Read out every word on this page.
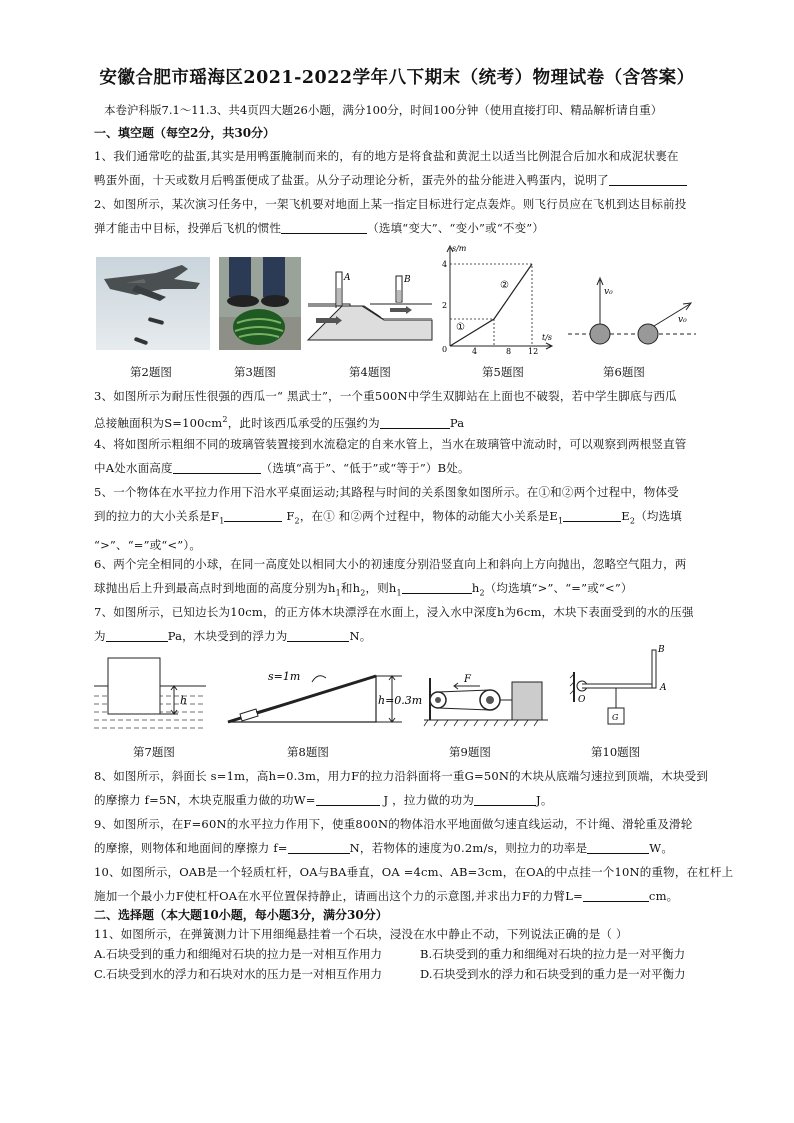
安徽合肥市瑶海区2021-2022学年八下期末（统考）物理试卷（含答案）
本卷沪科版7.1～11.3、共4页四大题26小题，满分100分，时间100分钟（使用直接打印、精品解析请自重）
一、填空题（每空2分，共30分）
1、我们通常吃的盐蛋,其实是用鸭蛋腌制而来的，有的地方是将食盐和黄泥土以适当比例混合后加水和成泥状裹在
鸭蛋外面，十天或数月后鸭蛋便成了盐蛋。从分子动理论分析，蛋壳外的盐分能进入鸭蛋内，说明了
2、如图所示，某次演习任务中，一架飞机要对地面上某一指定目标进行定点轰炸。则飞行员应在飞机到达目标前投
弹才能击中目标，投弹后飞机的惯性	（选填“变大”、“变小”或“不变”）
A	B
s/m
t/s
4
2
0	4	8 12
①
②
v₀
v₀
第2题图	第3题图	第4题图	第5题图	第6题图
3、如图所示为耐压性很强的西瓜一“ 黑武士”，一个重500N中学生双脚站在上面也不破裂，若中学生脚底与西瓜
总接触面积为$S=100cm^2$，此时该西瓜承受的压强约为	Pa
4、将如图所示粗细不同的玻璃管装置接到水流稳定的自来水管上，当水在玻璃管中流动时，可以观察到两根竖直管
中A处水面高度	（选填“高于”、“低于”或“等于”）B处。
5、一个物体在水平拉力作用下沿水平桌面运动;其路程与时间的关系图象如图所示。在①和②两个过程中，物体受
到的拉力的大小关系是$F_1$	$F_2$，在① 和②两个过程中，物体的动能大小关系是$E_1$	$E_2$（均选填
“>”、“=”或“<”）。
6、两个完全相同的小球，在同一高度处以相同大小的初速度分别沿竖直向上和斜向上方向抛出，忽略空气阻力，两
球抛出后上升到最高点时到地面的高度分别为$h_1$和$h_2$，则$h_1$	$h_2$（均选填“>”、“=”或“<”）
7、如图所示，已知边长为10cm，的正方体木块漂浮在水面上，浸入水中深度h为6cm，木块下表面受到的水的压强
为	Pa，木块受到的浮力为	N。
h
s=1m
h=0.3m
F
B
A
O
G
第7题图	第8题图	第9题图	第10题图
8、如图所示，斜面长 s=1m，高h=0.3m，用力F的拉力沿斜面将一重G=50N的木块从底端匀速拉到顶端，木块受到
的摩擦力 f=5N，木块克服重力做的功W=	J ，拉力做的功为	J。
9、如图所示，在F=60N的水平拉力作用下，使重800N的物体沿水平地面做匀速直线运动，不计绳、滑轮重及滑轮
的摩擦，则物体和地面间的摩擦力 f=	N，若物体的速度为0.2m/s，则拉力的功率是	W。
10、如图所示，OAB是一个轻质杠杆，OA与BA垂直，OA =4cm、AB=3cm，在OA的中点挂一个10N的重物，在杠杆上
施加一个最小力F使杠杆OA在水平位置保持静止，请画出这个力的示意图,并求出力F的力臂L=	cm。
二、选择题（本大题10小题，每小题3分，满分30分）
11、如图所示，在弹簧测力计下用细绳悬挂着一个石块，浸没在水中静止不动，下列说法正确的是（ ）
A.石块受到的重力和细绳对石块的拉力是一对相互作用力	B.石块受到的重力和细绳对石块的拉力是一对平衡力
C.石块受到水的浮力和石块对水的压力是一对相互作用力	D.石块受到水的浮力和石块受到的重力是一对平衡力
